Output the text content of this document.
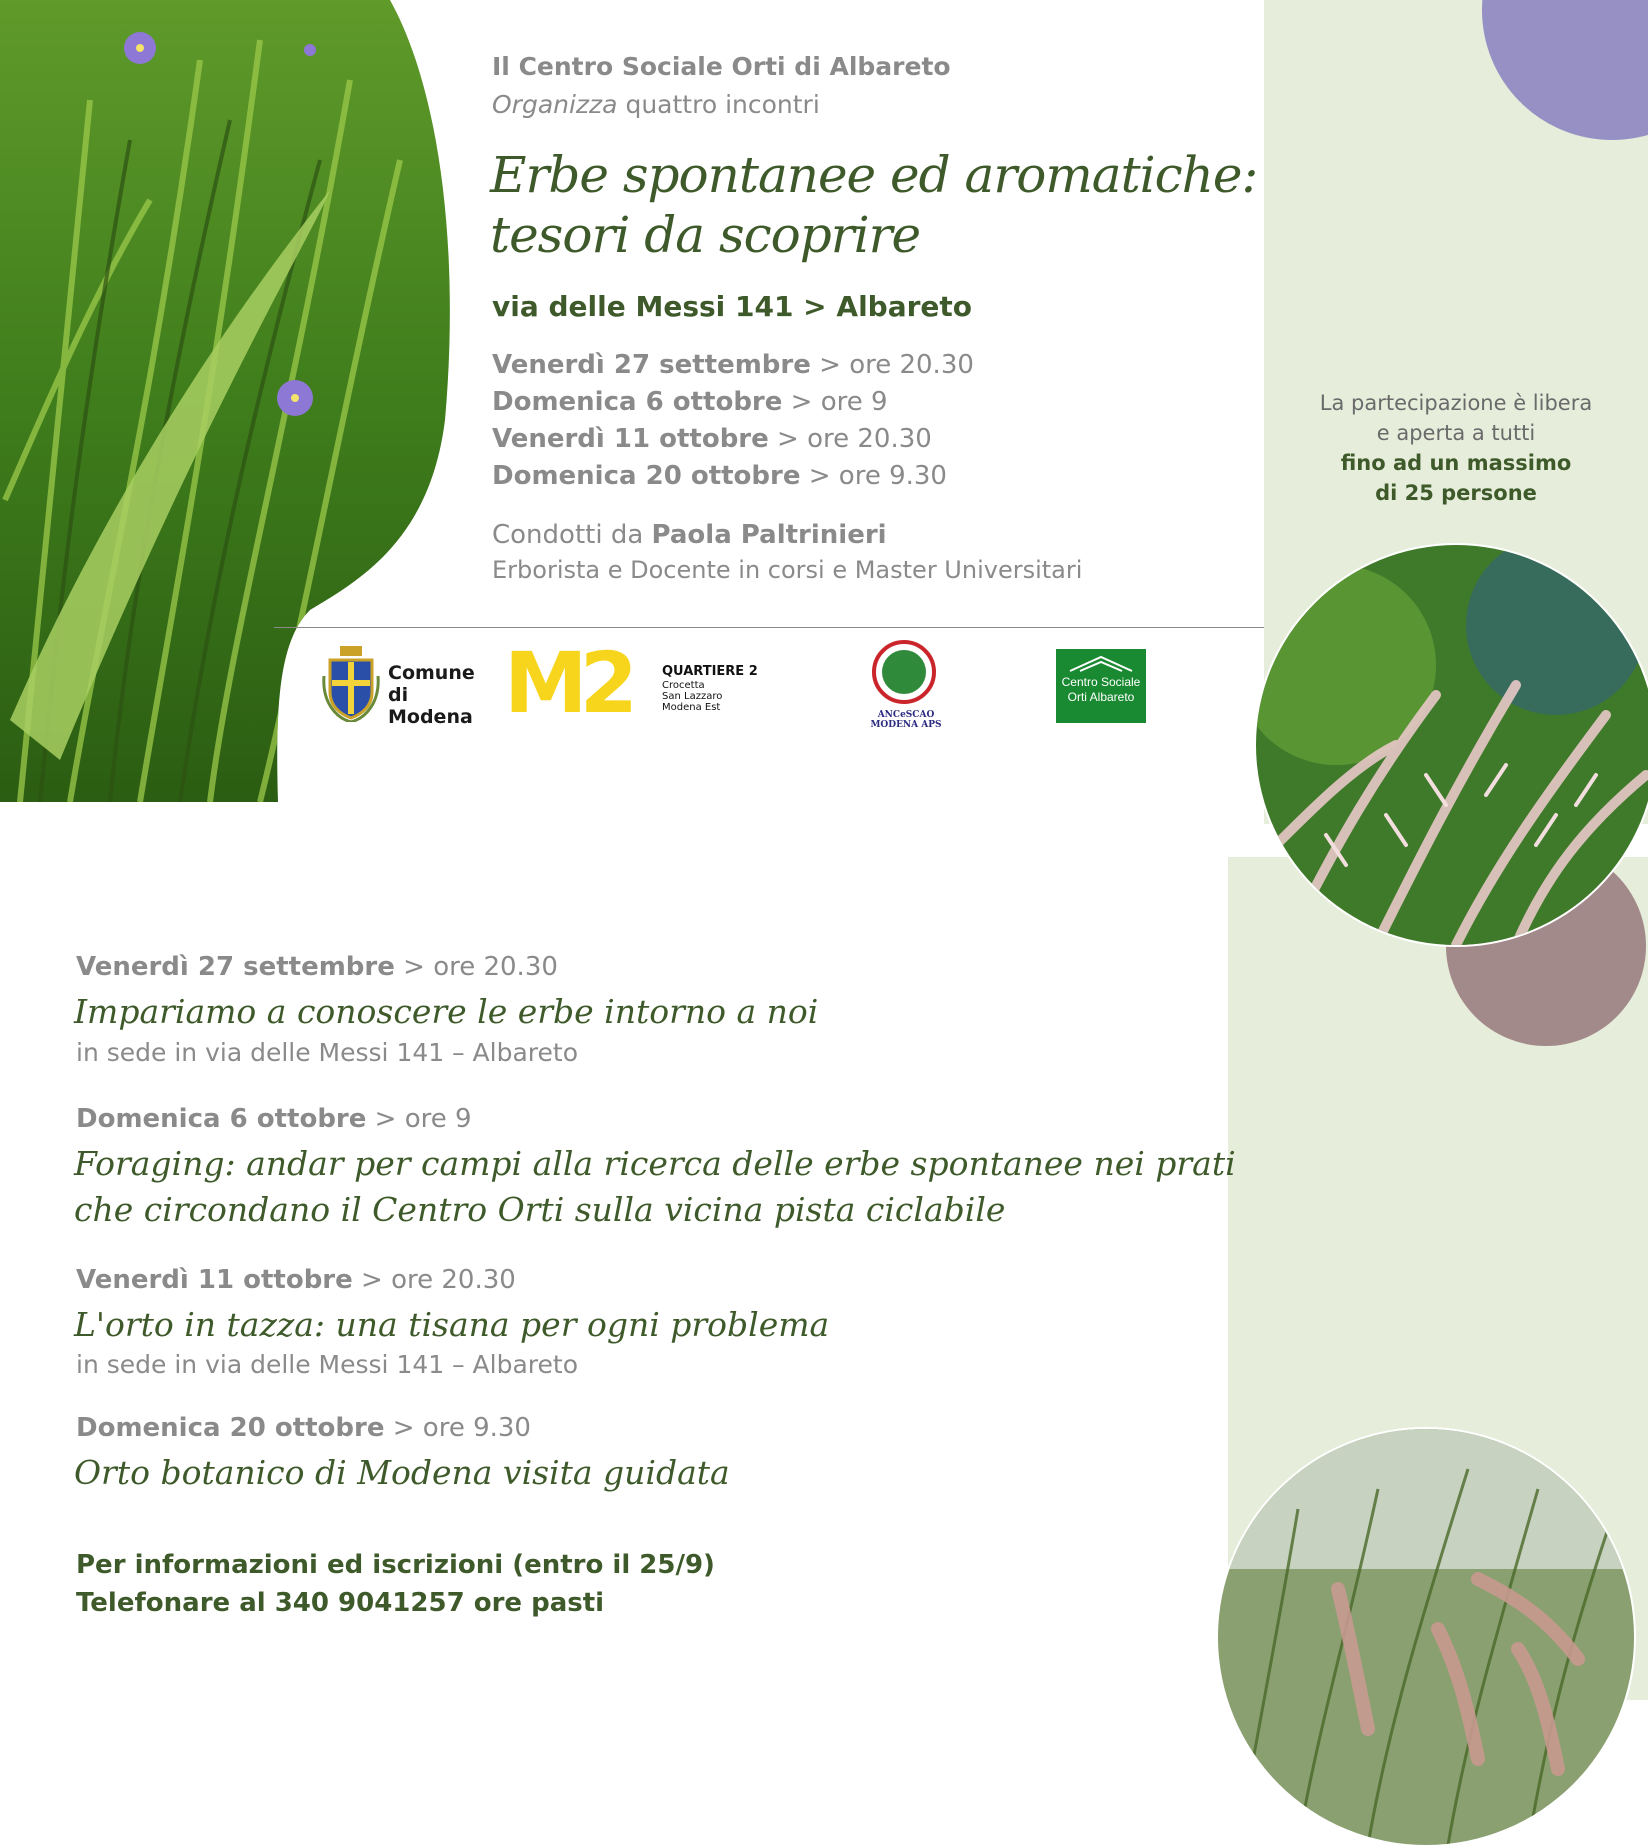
Il Centro Sociale Orti di Albareto
Organizza quattro incontri
Erbe spontanee ed aromatiche:
tesori da scoprire
via delle Messi 141 > Albareto
Venerdì 27 settembre > ore 20.30
Domenica 6 ottobre > ore 9
Venerdì 11 ottobre > ore 20.30
Domenica 20 ottobre > ore 9.30
Condotti da Paola Paltrinieri
Erborista e Docente in corsi e Master Universitari
Comune
di Modena M2 QUARTIERE 2
Crocetta
San Lazzaro
Modena Est
ANCeSCAO MODENA APS
Centro Sociale
Orti Albareto
La partecipazione è libera
e aperta a tutti
fino ad un massimo
di 25 persone
Venerdì 27 settembre > ore 20.30
Impariamo a conoscere le erbe intorno a noi
in sede in via delle Messi 141 – Albareto
Domenica 6 ottobre > ore 9
Foraging: andar per campi alla ricerca delle erbe spontanee nei prati
che circondano il Centro Orti sulla vicina pista ciclabile
Venerdì 11 ottobre > ore 20.30
L'orto in tazza: una tisana per ogni problema
in sede in via delle Messi 141 – Albareto
Domenica 20 ottobre > ore 9.30
Orto botanico di Modena visita guidata
Per informazioni ed iscrizioni (entro il 25/9)
Telefonare al 340 9041257 ore pasti
